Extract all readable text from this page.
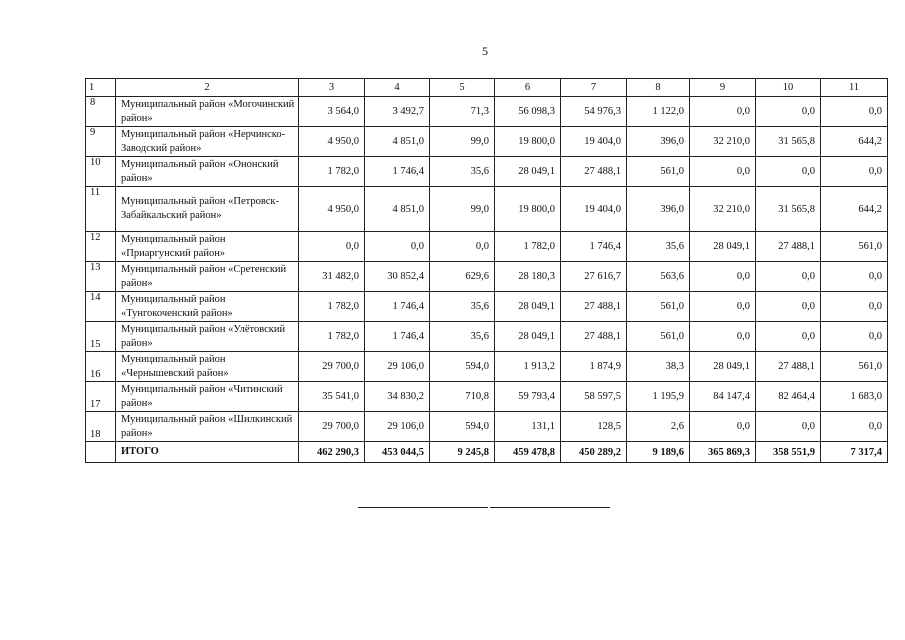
5
1	2	3	4	5	6	7	8	9	10	11
8	Муниципальный район «Могочинский район»	3 564,0	3 492,7	71,3	56 098,3	54 976,3	1 122,0	0,0	0,0	0,0
9	Муниципальный район «Нерчинско-Заводский район»	4 950,0	4 851,0	99,0	19 800,0	19 404,0	396,0	32 210,0	31 565,8	644,2
10	Муниципальный район «Ононский район»	1 782,0	1 746,4	35,6	28 049,1	27 488,1	561,0	0,0	0,0	0,0
11	Муниципальный район «Петровск-Забайкальский район»	4 950,0	4 851,0	99,0	19 800,0	19 404,0	396,0	32 210,0	31 565,8	644,2
12	Муниципальный район «Приаргунский район»	0,0	0,0	0,0	1 782,0	1 746,4	35,6	28 049,1	27 488,1	561,0
13	Муниципальный район «Сретенский район»	31 482,0	30 852,4	629,6	28 180,3	27 616,7	563,6	0,0	0,0	0,0
14	Муниципальный район «Тунгокоченский район»	1 782,0	1 746,4	35,6	28 049,1	27 488,1	561,0	0,0	0,0	0,0
15	Муниципальный район «Улётовский район»	1 782,0	1 746,4	35,6	28 049,1	27 488,1	561,0	0,0	0,0	0,0
16	Муниципальный район «Чернышевский район»	29 700,0	29 106,0	594,0	1 913,2	1 874,9	38,3	28 049,1	27 488,1	561,0
17	Муниципальный район «Читинский район»	35 541,0	34 830,2	710,8	59 793,4	58 597,5	1 195,9	84 147,4	82 464,4	1 683,0
18	Муниципальный район «Шилкинский район»	29 700,0	29 106,0	594,0	131,1	128,5	2,6	0,0	0,0	0,0
	ИТОГО	462 290,3	453 044,5	9 245,8	459 478,8	450 289,2	9 189,6	365 869,3	358 551,9	7 317,4
